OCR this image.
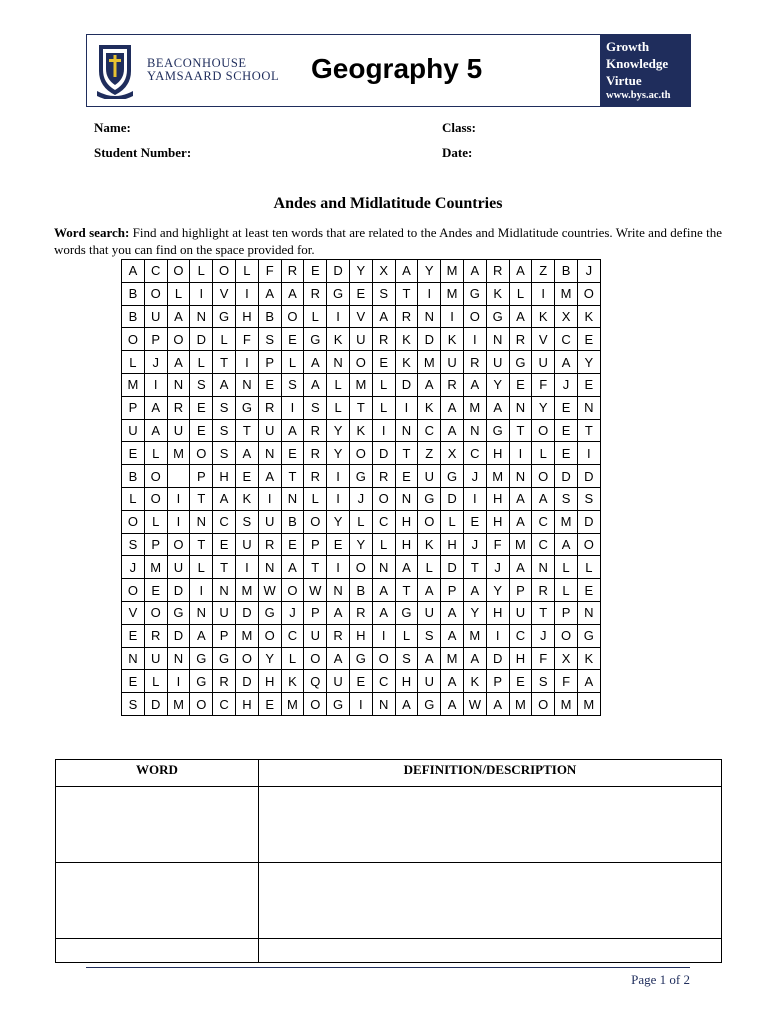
BEACONHOUSE
YAMSAARD SCHOOL Geography 5
Growth
Knowledge
Virtue
www.bys.ac.th
Name:	Class:
Student Number:	Date:
Andes and Midlatitude Countries
Word search: Find and highlight at least ten words that are related to the Andes and Midlatitude countries. Write and define the words that you can find on the space provided for.
A	C	O	L	O	L	F	R	E	D	Y	X	A	Y	M	A	R	A	Z	B	J
B	O	L	I	V	I	A	A	R	G	E	S	T	I	M	G	K	L	I	M	O
B	U	A	N	G	H	B	O	L	I	V	A	R	N	I	O	G	A	K	X	K
O	P	O	D	L	F	S	E	G	K	U	R	K	D	K	I	N	R	V	C	E
L	J	A	L	T	I	P	L	A	N	O	E	K	M	U	R	U	G	U	A	Y
M	I	N	S	A	N	E	S	A	L	M	L	D	A	R	A	Y	E	F	J	E
P	A	R	E	S	G	R	I	S	L	T	L	I	K	A	M	A	N	Y	E	N
U	A	U	E	S	T	U	A	R	Y	K	I	N	C	A	N	G	T	O	E	T
E	L	M	O	S	A	N	E	R	Y	O	D	T	Z	X	C	H	I	L	E	I
B	O		P	H	E	A	T	R	I	G	R	E	U	G	J	M	N	O	D	D
L	O	I	T	A	K	I	N	L	I	J	O	N	G	D	I	H	A	A	S	S
O	L	I	N	C	S	U	B	O	Y	L	C	H	O	L	E	H	A	C	M	D
S	P	O	T	E	U	R	E	P	E	Y	L	H	K	H	J	F	M	C	A	O
J	M	U	L	T	I	N	A	T	I	O	N	A	L	D	T	J	A	N	L	L
O	E	D	I	N	M	W	O	W	N	B	A	T	A	P	A	Y	P	R	L	E
V	O	G	N	U	D	G	J	P	A	R	A	G	U	A	Y	H	U	T	P	N
E	R	D	A	P	M	O	C	U	R	H	I	L	S	A	M	I	C	J	O	G
N	U	N	G	G	O	Y	L	O	A	G	O	S	A	M	A	D	H	F	X	K
E	L	I	G	R	D	H	K	Q	U	E	C	H	U	A	K	P	E	S	F	A
S	D	M	O	C	H	E	M	O	G	I	N	A	G	A	W	A	M	O	M	M
WORD	DEFINITION/DESCRIPTION

Page 1 of 2
